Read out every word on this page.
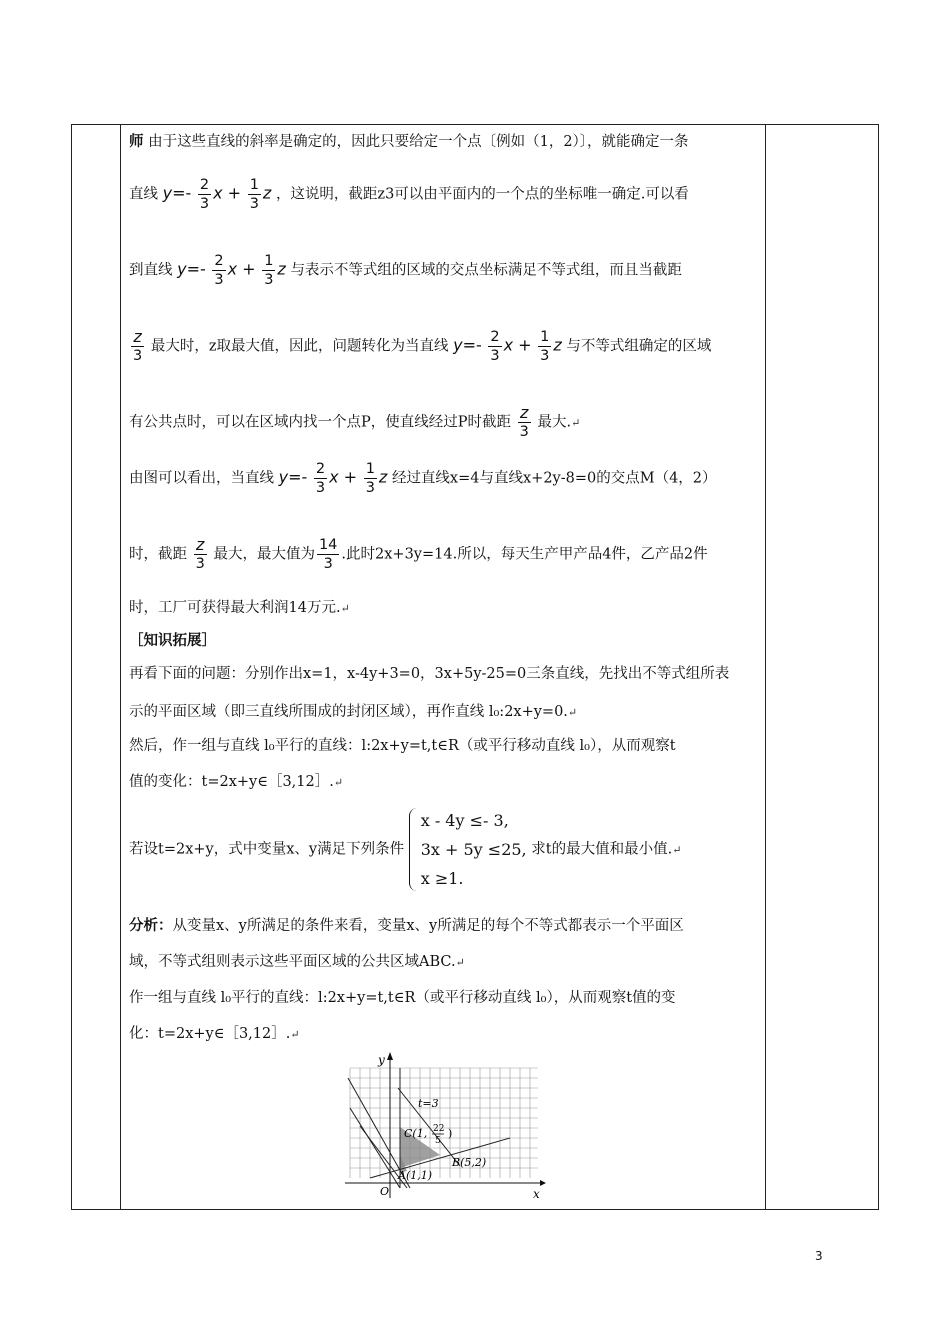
师 由于这些直线的斜率是确定的，因此只要给定一个点〔例如（1，2）〕，就能确定一条
直线 $y=- \frac{2}{3}$ $x + \frac{1}{3}$ z ，这说明，截距z3可以由平面内的一个点的坐标唯一确定.可以看
到直线 $y=- \frac{2}{3}$ $x + \frac{1}{3}$ z 与表示不等式组的区域的交点坐标满足不等式组，而且当截距
$\frac{z}{3}$ 最大时，z取最大值，因此，问题转化为当直线 $y=- \frac{2}{3}$ $x + \frac{1}{3}$ z 与不等式组确定的区域
有公共点时，可以在区域内找一个点P，使直线经过P时截距 $\frac{z}{3}$ 最大.↵
由图可以看出，当直线 $y=- \frac{2}{3}$ $x + \frac{1}{3}$ z 经过直线x=4与直线x+2y-8=0的交点M（4，2）
时，截距 $\frac{z}{3}$ 最大，最大值为 $\frac{14}{3}$ .此时2x+3y=14.所以，每天生产甲产品4件，乙产品2件
时，工厂可获得最大利润14万元.↵
［知识拓展］
再看下面的问题：分别作出x=1，x-4y+3=0，3x+5y-25=0三条直线，先找出不等式组所表
示的平面区域（即三直线所围成的封闭区域），再作直线 l₀:2x+y=0.↵
然后，作一组与直线 l₀平行的直线：l:2x+y=t,t∈R（或平行移动直线 l₀），从而观察t
值的变化：t=2x+y∈［3,12］.↵
若设t=2x+y，式中变量x、y满足下列条件
x - 4y ≤- 3,
3x + 5y ≤25,
x ≥1.
求t的最大值和最小值.↵
分析：从变量x、y所满足的条件来看，变量x、y所满足的每个不等式都表示一个平面区
域，不等式组则表示这些平面区域的公共区域ABC.↵
作一组与直线 l₀平行的直线：l:2x+y=t,t∈R（或平行移动直线 l₀），从而观察t值的变
化：t=2x+y∈［3,12］.↵
y
x
O
t=3
C(1, 22
5
)
B(5,2)
A(1,1)
3
